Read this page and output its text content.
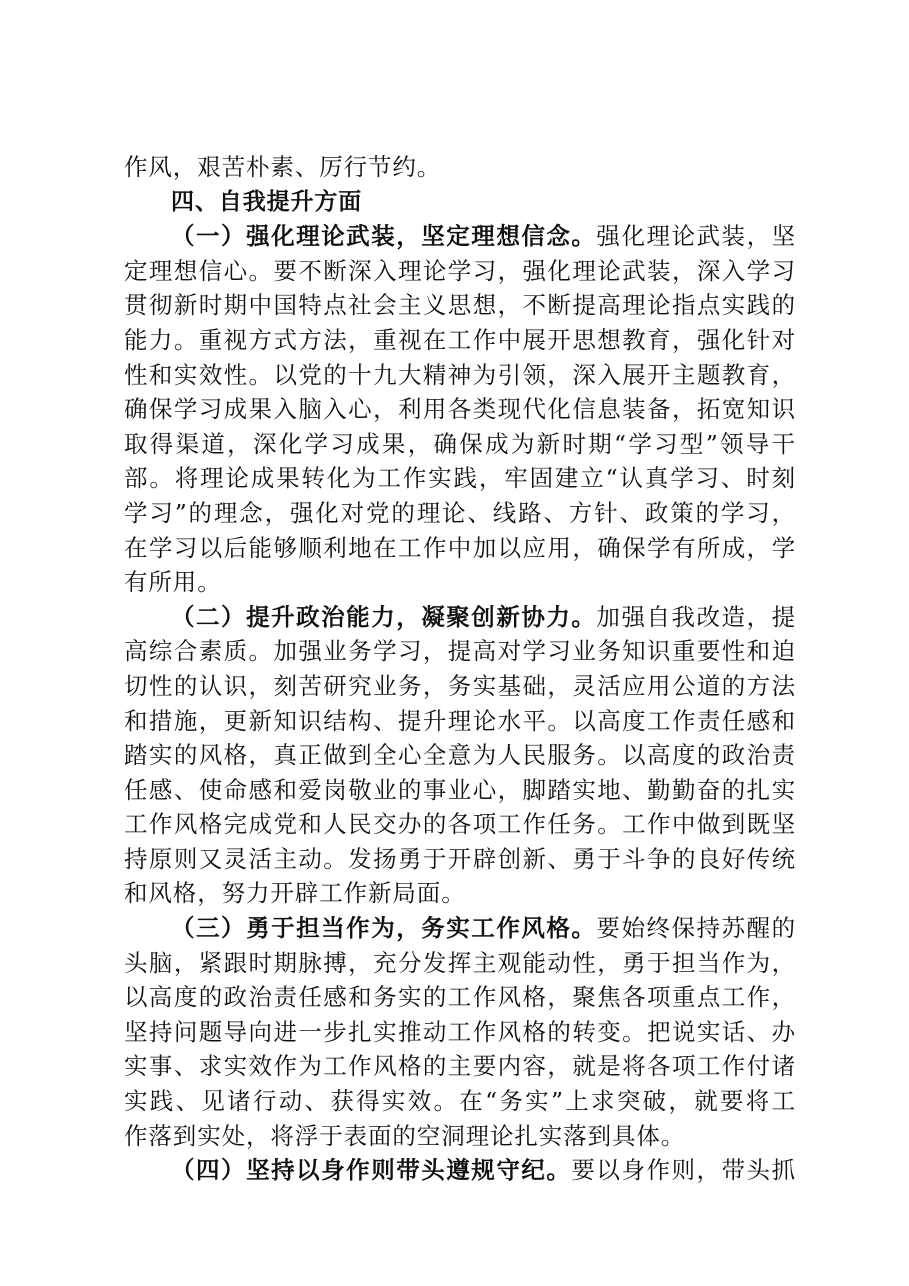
作风，艰苦朴素、厉行节约。
四、自我提升方面
（一）强化理论武装，坚定理想信念。强化理论武装，坚
定理想信心。要不断深入理论学习，强化理论武装，深入学习
贯彻新时期中国特点社会主义思想，不断提高理论指点实践的
能力。重视方式方法，重视在工作中展开思想教育，强化针对
性和实效性。以党的十九大精神为引领，深入展开主题教育，
确保学习成果入脑入心，利用各类现代化信息装备，拓宽知识
取得渠道，深化学习成果，确保成为新时期“学习型”领导干
部。将理论成果转化为工作实践，牢固建立“认真学习、时刻
学习”的理念，强化对党的理论、线路、方针、政策的学习，
在学习以后能够顺利地在工作中加以应用，确保学有所成，学
有所用。
（二）提升政治能力，凝聚创新协力。加强自我改造，提
高综合素质。加强业务学习，提高对学习业务知识重要性和迫
切性的认识，刻苦研究业务，务实基础，灵活应用公道的方法
和措施，更新知识结构、提升理论水平。以高度工作责任感和
踏实的风格，真正做到全心全意为人民服务。以高度的政治责
任感、使命感和爱岗敬业的事业心，脚踏实地、勤勤奋的扎实
工作风格完成党和人民交办的各项工作任务。工作中做到既坚
持原则又灵活主动。发扬勇于开辟创新、勇于斗争的良好传统
和风格，努力开辟工作新局面。
（三）勇于担当作为，务实工作风格。要始终保持苏醒的
头脑，紧跟时期脉搏，充分发挥主观能动性，勇于担当作为，
以高度的政治责任感和务实的工作风格，聚焦各项重点工作，
坚持问题导向进一步扎实推动工作风格的转变。把说实话、办
实事、求实效作为工作风格的主要内容，就是将各项工作付诸
实践、见诸行动、获得实效。在“务实”上求突破，就要将工
作落到实处，将浮于表面的空洞理论扎实落到具体。
（四）坚持以身作则带头遵规守纪。要以身作则，带头抓
